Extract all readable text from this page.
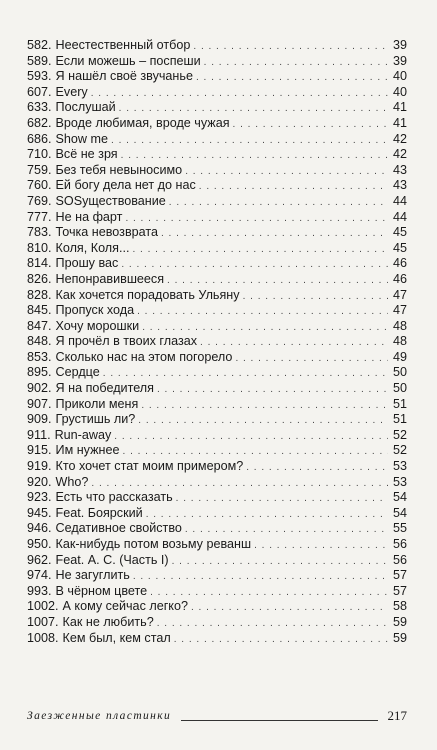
582. Неестественный отбор . . .	39
589. Если можешь – поспеши . . .	39
593. Я нашёл своё звучанье . . .	40
607. Every . . .	40
633. Послушай . . .	41
682. Вроде любимая, вроде чужая . . .	41
686. Show me . . .	42
710. Всё не зря . . .	42
759. Без тебя невыносимо . . .	43
760. Ей богу дела нет до нас . . .	43
769. SOSуществование . . .	44
777. Не на фарт . . .	44
783. Точка невозврата . . .	45
810. Коля, Коля... . . .	45
814. Прошу вас . . .	46
826. Непонравившееся . . .	46
828. Как хочется порадовать Ульяну . . .	47
845. Пропуск хода . . .	47
847. Хочу морошки . . .	48
848. Я прочёл в твоих глазах . . .	48
853. Сколько нас на этом погорело . . .	49
895. Сердце . . .	50
902. Я на победителя . . .	50
907. Приколи меня . . .	51
909. Грустишь ли? . . .	51
911. Run-away . . .	52
915. Им нужнее . . .	52
919. Кто хочет стат моим примером? . . .	53
920. Who? . . .	53
923. Есть что рассказать . . .	54
945. Feat. Боярский . . .	54
946. Седативное свойство . . .	55
950. Как-нибудь потом возьму реванш . . .	56
962. Feat. А. С. (Часть I) . . .	56
974. Не загуглить . . .	57
993. В чёрном цвете . . .	57
1002. А кому сейчас легко? . . .	58
1007. Как не любить? . . .	59
1008. Кем был, кем стал . . .	59
Заезженные пластинки	217
